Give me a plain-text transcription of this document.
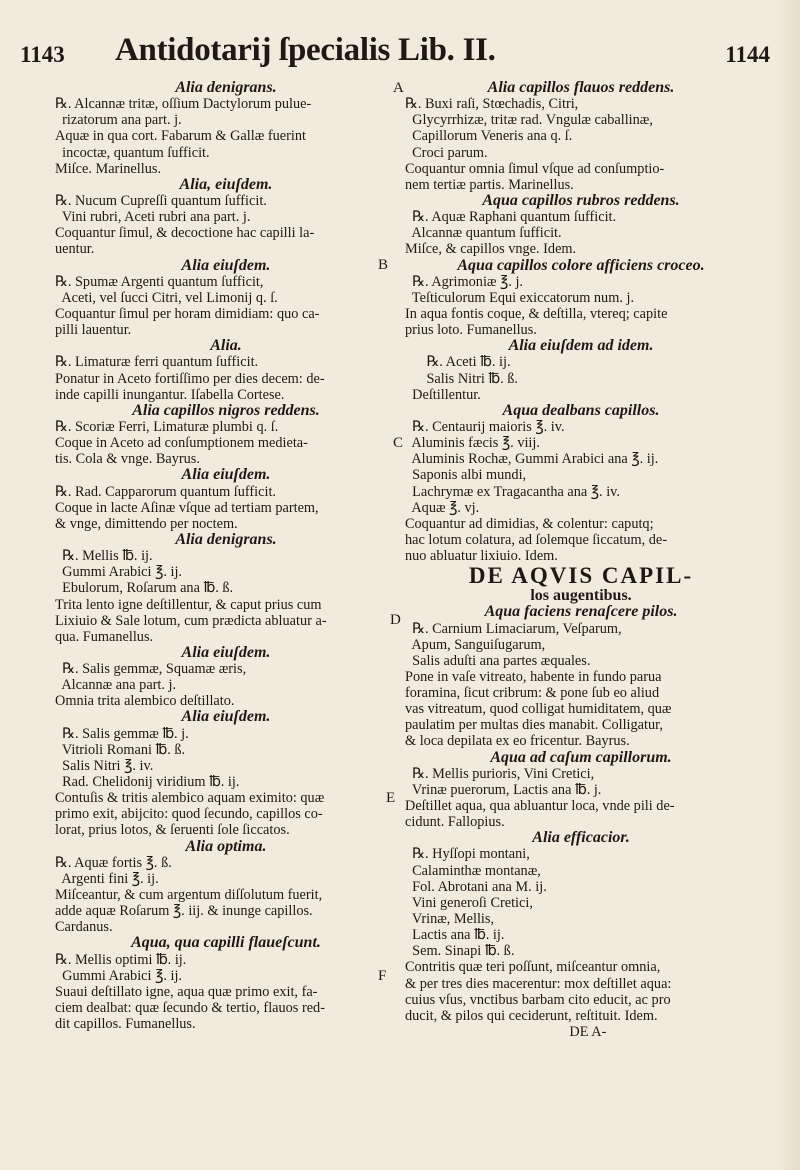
1143 Antidotarij ſpecialis Lib. II.	1144
Alia denigrans.
℞. Alcannæ tritæ, oſſium Dactylorum pulue-
rizatorum ana part. j.
Aquæ in qua cort. Fabarum & Gallæ fuerint
incoctæ, quantum ſufficit.
Miſce. Marinellus.
Alia, eiuſdem.
℞. Nucum Cupreſſi quantum ſufficit.
Vini rubri, Aceti rubri ana part. j.
Coquantur ſimul, & decoctione hac capilli la-
uentur.
Alia eiuſdem.
℞. Spumæ Argenti quantum ſufficit,
Aceti, vel ſucci Citri, vel Limonij q. ſ.
Coquantur ſimul per horam dimidiam: quo ca-
pilli lauentur.
Alia.
℞. Limaturæ ferri quantum ſufficit.
Ponatur in Aceto fortiſſimo per dies decem: de-
inde capilli inungantur. Iſabella Cortese.
Alia capillos nigros reddens.
℞. Scoriæ Ferri, Limaturæ plumbi q. ſ.
Coque in Aceto ad conſumptionem medieta-
tis. Cola & vnge. Bayrus.
Alia eiuſdem.
℞. Rad. Capparorum quantum ſufficit.
Coque in lacte Aſinæ vſque ad tertiam partem,
& vnge, dimittendo per noctem.
Alia denigrans.
℞. Mellis ℔. ij.
Gummi Arabici ℥. ij.
Ebulorum, Roſarum ana ℔. ß.
Trita lento igne deſtillentur, & caput prius cum
Lixiuio & Sale lotum, cum prædicta abluatur a-
qua. Fumanellus.
Alia eiuſdem.
℞. Salis gemmæ, Squamæ æris,
Alcannæ ana part. j.
Omnia trita alembico deſtillato.
Alia eiuſdem.
℞. Salis gemmæ ℔. j.
Vitrioli Romani ℔. ß.
Salis Nitri ℥. iv.
Rad. Chelidonij viridium ℔. ij.
Contuſis & tritis alembico aquam eximito: quæ
primo exit, abijcito: quod ſecundo, capillos co-
lorat, prius lotos, & ſeruenti ſole ſiccatos.
Alia optima.
℞. Aquæ fortis ℥. ß.
Argenti fini ℥. ij.
Miſceantur, & cum argentum diſſolutum fuerit,
adde aquæ Roſarum ℥. iij. & inunge capillos.
Cardanus.
Aqua, qua capilli flaueſcunt.
℞. Mellis optimi ℔. ij.
Gummi Arabici ℥. ij.
Suaui deſtillato igne, aqua quæ primo exit, fa-
ciem dealbat: quæ ſecundo & tertio, flauos red-
dit capillos. Fumanellus.
Alia capillos flauos reddens.
℞. Buxi raſi, Stœchadis, Citri,
Glycyrrhizæ, tritæ rad. Vngulæ caballinæ,
Capillorum Veneris ana q. ſ.
Croci parum.
Coquantur omnia ſimul vſque ad conſumptio-
nem tertiæ partis. Marinellus.
Aqua capillos rubros reddens.
℞. Aquæ Raphani quantum ſufficit.
Alcannæ quantum ſufficit.
Miſce, & capillos vnge. Idem.
Aqua capillos colore afficiens croceo.
℞. Agrimoniæ ℥. j.
Teſticulorum Equi exiccatorum num. j.
In aqua fontis coque, & deſtilla, vtereq; capite
prius loto. Fumanellus.
Alia eiuſdem ad idem.
℞. Aceti ℔. ij.
Salis Nitri ℔. ß.
Deſtillentur.
Aqua dealbans capillos.
℞. Centaurij maioris ℥. iv.
Aluminis fæcis ℥. viij.
Aluminis Rochæ, Gummi Arabici ana ℥. ij.
Saponis albi mundi,
Lachrymæ ex Tragacantha ana ℥. iv.
Aquæ ℥. vj.
Coquantur ad dimidias, & colentur: caputq;
hac lotum colatura, ad ſolemque ſiccatum, de-
nuo abluatur lixiuio. Idem.
DE AQVIS CAPIL-
los augentibus.
Aqua faciens renaſcere pilos.
℞. Carnium Limaciarum, Veſparum,
Apum, Sanguiſugarum,
Salis aduſti ana partes æquales.
Pone in vaſe vitreato, habente in fundo parua
foramina, ſicut cribrum: & pone ſub eo aliud
vas vitreatum, quod colligat humiditatem, quæ
paulatim per multas dies manabit. Colligatur,
& loca depilata ex eo fricentur. Bayrus.
Aqua ad caſum capillorum.
℞. Mellis purioris, Vini Cretici,
Vrinæ puerorum, Lactis ana ℔. j.
Deſtillet aqua, qua abluantur loca, vnde pili de-
cidunt. Fallopius.
Alia efficacior.
℞. Hyſſopi montani,
Calaminthæ montanæ,
Fol. Abrotani ana M. ij.
Vini generoſi Cretici,
Vrinæ, Mellis,
Lactis ana ℔. ij.
Sem. Sinapi ℔. ß.
Contritis quæ teri poſſunt, miſceantur omnia,
& per tres dies macerentur: mox deſtillet aqua:
cuius vſus, vnctibus barbam cito educit, ac pro
ducit, & pilos qui ceciderunt, reſtituit. Idem.
DE A-
A
B
C
D
E
F
